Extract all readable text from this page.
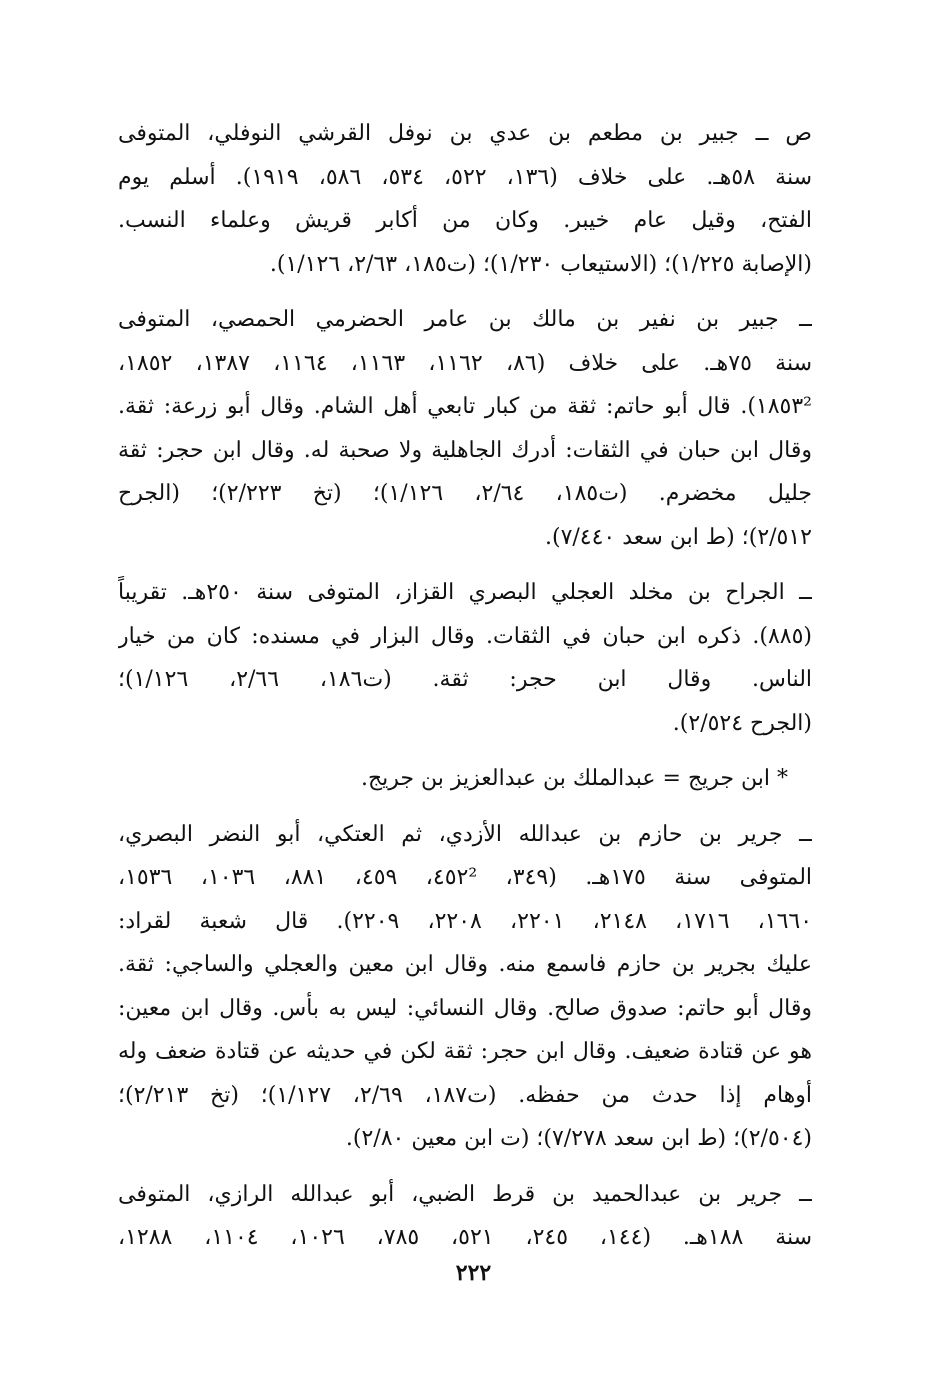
ص ــ جبير بن مطعم بن عدي بن نوفل القرشي النوفلي، المتوفى
سنة ٥٨هـ. على خلاف (١٣٦، ٥٢٢، ٥٣٤، ٥٨٦، ١٩١٩). أسلم يوم
الفتح، وقيل عام خيبر. وكان من أكابر قريش وعلماء النسب.
(الإصابة ١/٢٢٥)؛ (الاستيعاب ١/٢٣٠)؛ (ت١٨٥، ٢/٦٣، ١/١٢٦).
ــ جبير بن نفير بن مالك بن عامر الحضرمي الحمصي، المتوفى
سنة ٧٥هـ. على خلاف (٨٦، ١١٦٢، ١١٦٣، ١١٦٤، ١٣٨٧، ١٨٥٢،
١٨٥٣²). قال أبو حاتم: ثقة من كبار تابعي أهل الشام. وقال أبو زرعة: ثقة.
وقال ابن حبان في الثقات: أدرك الجاهلية ولا صحبة له. وقال ابن حجر: ثقة
جليل مخضرم. (ت١٨٥، ٢/٦٤، ١/١٢٦)؛ (تخ ٢/٢٢٣)؛ (الجرح
٢/٥١٢)؛ (ط ابن سعد ٧/٤٤٠).
ــ الجراح بن مخلد العجلي البصري القزاز، المتوفى سنة ٢٥٠هـ. تقريباً
(٨٨٥). ذكره ابن حبان في الثقات. وقال البزار في مسنده: كان من خيار
الناس. وقال ابن حجر: ثقة. (ت١٨٦، ٢/٦٦، ١/١٢٦)؛
(الجرح ٢/٥٢٤).
* ابن جريج = عبدالملك بن عبدالعزيز بن جريج.
ــ جرير بن حازم بن عبدالله الأزدي، ثم العتكي، أبو النضر البصري،
المتوفى سنة ١٧٥هـ. (٣٤٩، ٤٥٢²، ٤٥٩، ٨٨١، ١٠٣٦، ١٥٣٦،
١٦٦٠، ١٧١٦، ٢١٤٨، ٢٢٠١، ٢٢٠٨، ٢٢٠٩). قال شعبة لقراد:
عليك بجرير بن حازم فاسمع منه. وقال ابن معين والعجلي والساجي: ثقة.
وقال أبو حاتم: صدوق صالح. وقال النسائي: ليس به بأس. وقال ابن معين:
هو عن قتادة ضعيف. وقال ابن حجر: ثقة لكن في حديثه عن قتادة ضعف وله
أوهام إذا حدث من حفظه. (ت١٨٧، ٢/٦٩، ١/١٢٧)؛ (تخ ٢/٢١٣)؛
(٢/٥٠٤)؛ (ط ابن سعد ٧/٢٧٨)؛ (ت ابن معين ٢/٨٠).
ــ جرير بن عبدالحميد بن قرط الضبي، أبو عبدالله الرازي، المتوفى
سنة ١٨٨هـ. (١٤٤، ٢٤٥، ٥٢١، ٧٨٥، ١٠٢٦، ١١٠٤، ١٢٨٨،
٢٢٢
